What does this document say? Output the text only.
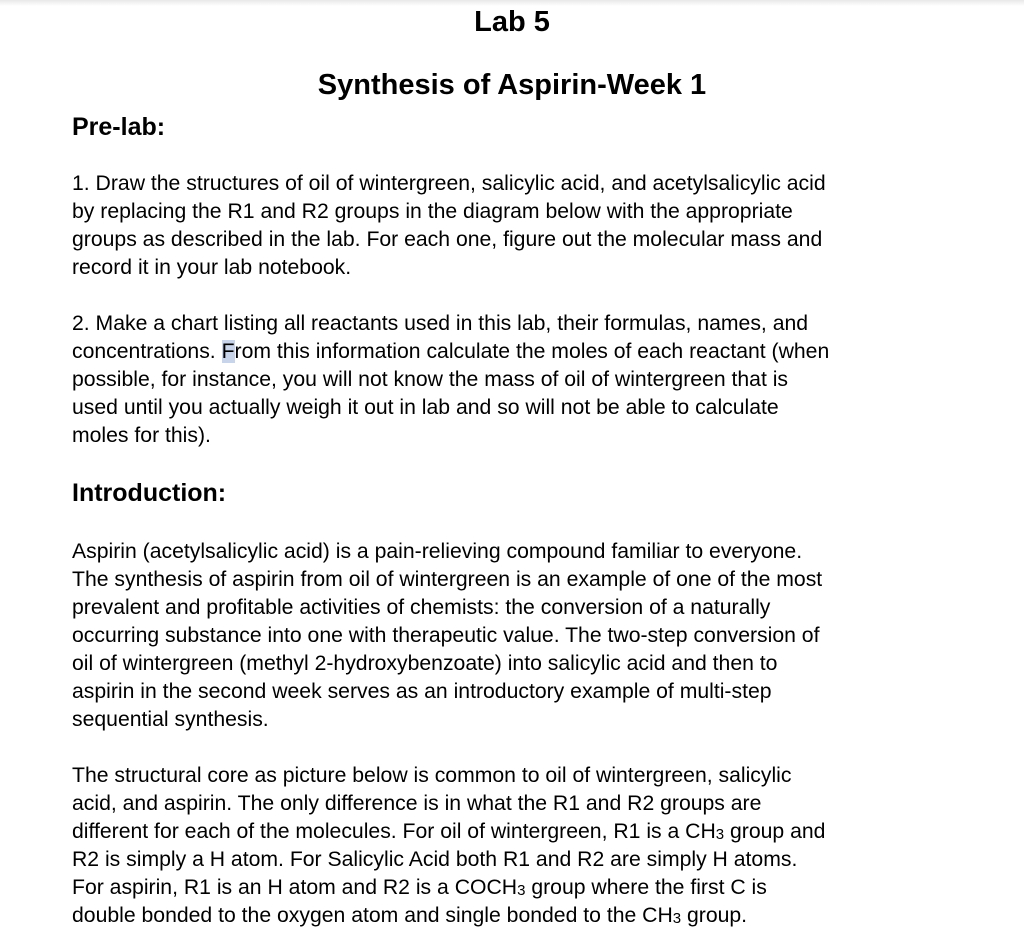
Lab 5
Synthesis of Aspirin-Week 1
Pre-lab:

1. Draw the structures of oil of wintergreen, salicylic acid, and acetylsalicylic acid
by replacing the R1 and R2 groups in the diagram below with the appropriate
groups as described in the lab. For each one, figure out the molecular mass and
record it in your lab notebook.

2. Make a chart listing all reactants used in this lab, their formulas, names, and
concentrations. From this information calculate the moles of each reactant (when
possible, for instance, you will not know the mass of oil of wintergreen that is
used until you actually weigh it out in lab and so will not be able to calculate
moles for this).

Introduction:

Aspirin (acetylsalicylic acid) is a pain-relieving compound familiar to everyone.
The synthesis of aspirin from oil of wintergreen is an example of one of the most
prevalent and profitable activities of chemists: the conversion of a naturally
occurring substance into one with therapeutic value. The two-step conversion of
oil of wintergreen (methyl 2-hydroxybenzoate) into salicylic acid and then to
aspirin in the second week serves as an introductory example of multi-step
sequential synthesis.

The structural core as picture below is common to oil of wintergreen, salicylic
acid, and aspirin. The only difference is in what the R1 and R2 groups are
different for each of the molecules. For oil of wintergreen, R1 is a $CH_3$ group and
R2 is simply a H atom. For Salicylic Acid both R1 and R2 are simply H atoms.
For aspirin, R1 is an H atom and R2 is a $COCH_3$ group where the first C is
double bonded to the oxygen atom and single bonded to the $CH_3$ group.
